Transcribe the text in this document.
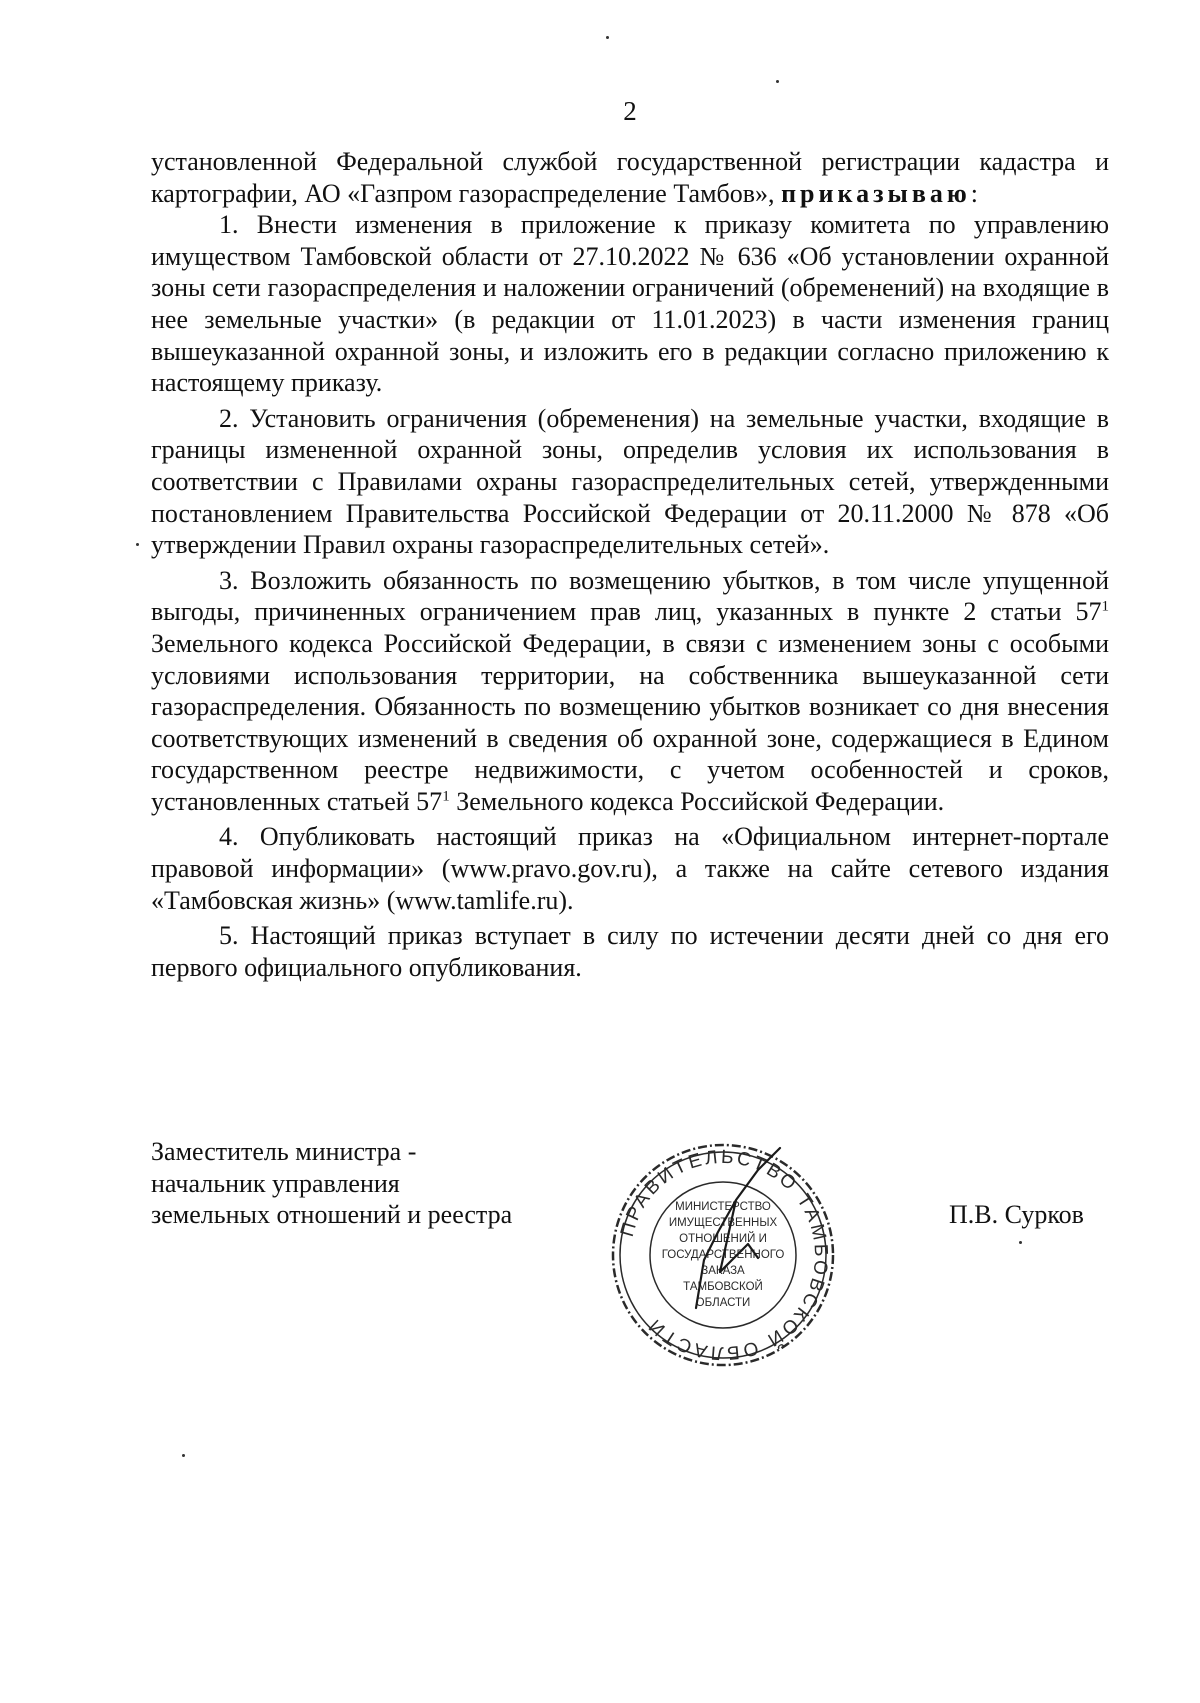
2

установленной Федеральной службой государственной регистрации кадастра и картографии, АО «Газпром газораспределение Тамбов», приказываю:

1. Внести изменения в приложение к приказу комитета по управлению имуществом Тамбовской области от 27.10.2022 № 636 «Об установлении охранной зоны сети газораспределения и наложении ограничений (обременений) на входящие в нее земельные участки» (в редакции от 11.01.2023) в части изменения границ вышеуказанной охранной зоны, и изложить его в редакции согласно приложению к настоящему приказу.

2. Установить ограничения (обременения) на земельные участки, входящие в границы измененной охранной зоны, определив условия их использования в соответствии с Правилами охраны газораспределительных сетей, утвержденными постановлением Правительства Российской Федерации от 20.11.2000 № 878 «Об утверждении Правил охраны газораспределительных сетей».

3. Возложить обязанность по возмещению убытков, в том числе упущенной выгоды, причиненных ограничением прав лиц, указанных в пункте 2 статьи $57^1$ Земельного кодекса Российской Федерации, в связи с изменением зоны с особыми условиями использования территории, на собственника вышеуказанной сети газораспределения. Обязанность по возмещению убытков возникает со дня внесения соответствующих изменений в сведения об охранной зоне, содержащиеся в Едином государственном реестре недвижимости, с учетом особенностей и сроков, установленных статьей $57^1$ Земельного кодекса Российской Федерации.

4. Опубликовать настоящий приказ на «Официальном интернет-портале правовой информации» (www.pravo.gov.ru), а также на сайте сетевого издания «Тамбовская жизнь» (www.tamlife.ru).

5. Настоящий приказ вступает в силу по истечении десяти дней со дня его первого официального опубликования.

Заместитель министра -
начальник управления
земельных отношений и реестра	П.В. Сурков
ПРАВИТЕЛЬСТВО ТАМБОВСКОЙ ОБЛАСТИ
МИНИСТЕРСТВО
ИМУЩЕСТВЕННЫХ
ОТНОШЕНИЙ И
ГОСУДАРСТВЕННОГО
ЗАКАЗА
ТАМБОВСКОЙ
ОБЛАСТИ
